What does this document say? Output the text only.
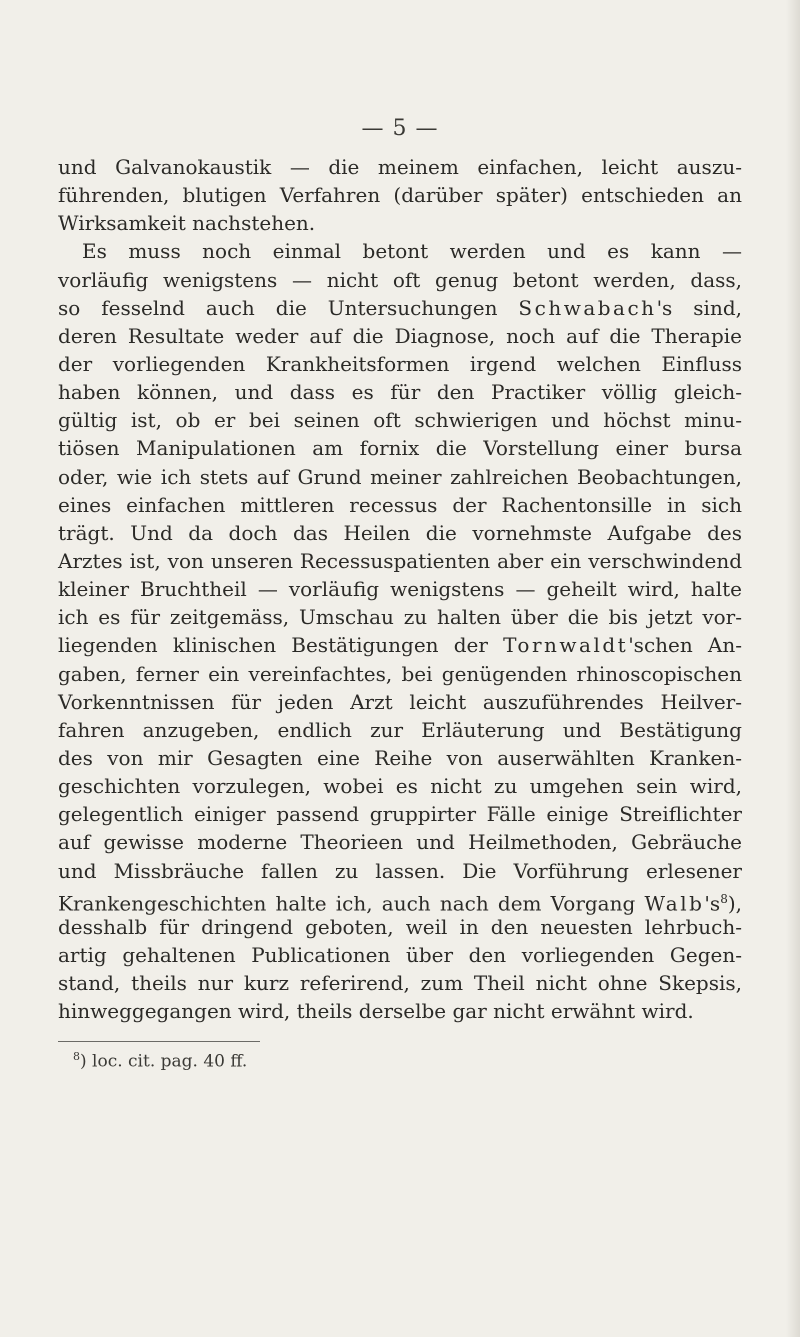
— 5 —
und Galvanokaustik — die meinem einfachen, leicht auszu-
führenden, blutigen Verfahren (darüber später) entschieden an
Wirksamkeit nachstehen.
Es muss noch einmal betont werden und es kann —
vorläufig wenigstens — nicht oft genug betont werden, dass,
so fesselnd auch die Untersuchungen Schwabach's sind,
deren Resultate weder auf die Diagnose, noch auf die Therapie
der vorliegenden Krankheitsformen irgend welchen Einfluss
haben können, und dass es für den Practiker völlig gleich-
gültig ist, ob er bei seinen oft schwierigen und höchst minu-
tiösen Manipulationen am fornix die Vorstellung einer bursa
oder, wie ich stets auf Grund meiner zahlreichen Beobachtungen,
eines einfachen mittleren recessus der Rachentonsille in sich
trägt. Und da doch das Heilen die vornehmste Aufgabe des
Arztes ist, von unseren Recessuspatienten aber ein verschwindend
kleiner Bruchtheil — vorläufig wenigstens — geheilt wird, halte
ich es für zeitgemäss, Umschau zu halten über die bis jetzt vor-
liegenden klinischen Bestätigungen der Tornwaldt'schen An-
gaben, ferner ein vereinfachtes, bei genügenden rhinoscopischen
Vorkenntnissen für jeden Arzt leicht auszuführendes Heilver-
fahren anzugeben, endlich zur Erläuterung und Bestätigung
des von mir Gesagten eine Reihe von auserwählten Kranken-
geschichten vorzulegen, wobei es nicht zu umgehen sein wird,
gelegentlich einiger passend gruppirter Fälle einige Streiflichter
auf gewisse moderne Theorieen und Heilmethoden, Gebräuche
und Missbräuche fallen zu lassen. Die Vorführung erlesener
Krankengeschichten halte ich, auch nach dem Vorgang $Walb's^8$),
desshalb für dringend geboten, weil in den neuesten lehrbuch-
artig gehaltenen Publicationen über den vorliegenden Gegen-
stand, theils nur kurz referirend, zum Theil nicht ohne Skepsis,
hinweggegangen wird, theils derselbe gar nicht erwähnt wird.
$^8$) loc. cit. pag. 40 ff.
